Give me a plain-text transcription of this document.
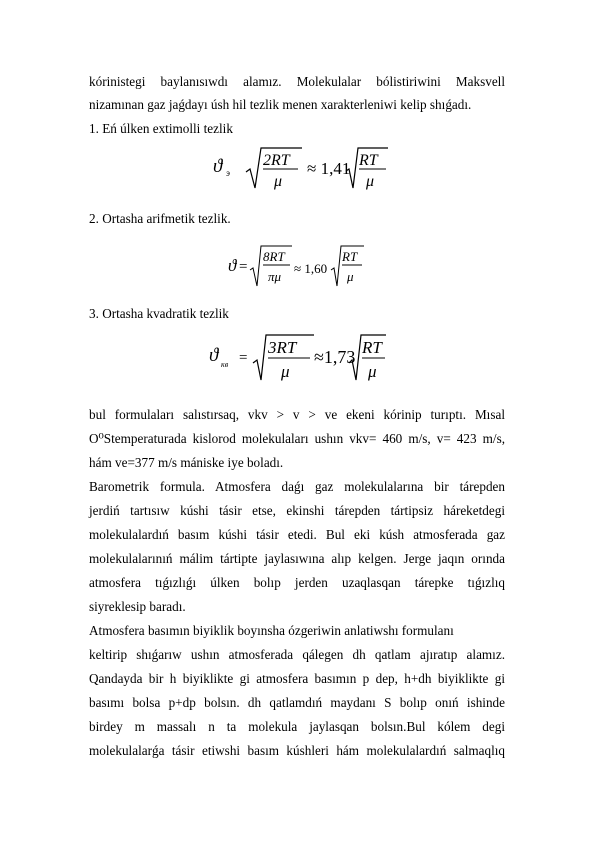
kórinistegi baylanısıwdı alamız. Molekulalar bólistiriwini Maksvell
nizamınan gaz jaǵdayı úsh hil tezlik menen xarakterleniwi kelip shıǵadı.
1. Eń úlken extimolli tezlik
ϑ э
2RT
μ
≈ 1,41 RT
μ
2. Ortasha arifmetik tezlik.
ϑ =
8RT
πμ
≈ 1,60
RT
μ
3. Ortasha kvadratik tezlik
ϑ кв =
3RT
μ
≈1,73 RT
μ
bul formulaları salıstırsaq, vkv > v > ve ekeni kórinip turıptı. Mısal
O⁰Stemperaturada kislorod molekulaları ushın vkv= 460 m/s, v= 423 m/s,
hám ve=377 m/s mániske iye boladı.
Barometrik formula. Atmosfera daǵı gaz molekulalarına bir tárepden
jerdiń tartısıw kúshi tásir etse, ekinshi tárepden tártipsiz háreketdegi
molekulalardıń basım kúshi tásir etedi. Bul eki kúsh atmosferada gaz
molekulalarınıń málim tártipte jaylasıwına alıp kelgen. Jerge jaqın orında
atmosfera tıǵızlıǵı úlken bolıp jerden uzaqlasqan tárepke tıǵızlıq
siyreklesip baradı.
Atmosfera basımın biyiklik boyınsha ózgeriwin anlatiwshı formulanı
keltirip shıǵarıw ushın atmosferada qálegen dh qatlam ajıratıp alamız.
Qandayda bir h biyiklikte gi atmosfera basımın p dep, h+dh biyiklikte gi
basımı bolsa p+dp bolsın. dh qatlamdıń maydanı S bolıp onıń ishinde
birdey m massalı n ta molekula jaylasqan bolsın.Bul kólem degi
molekulalarǵa tásir etiwshi basım kúshleri hám molekulalardıń salmaqlıq
